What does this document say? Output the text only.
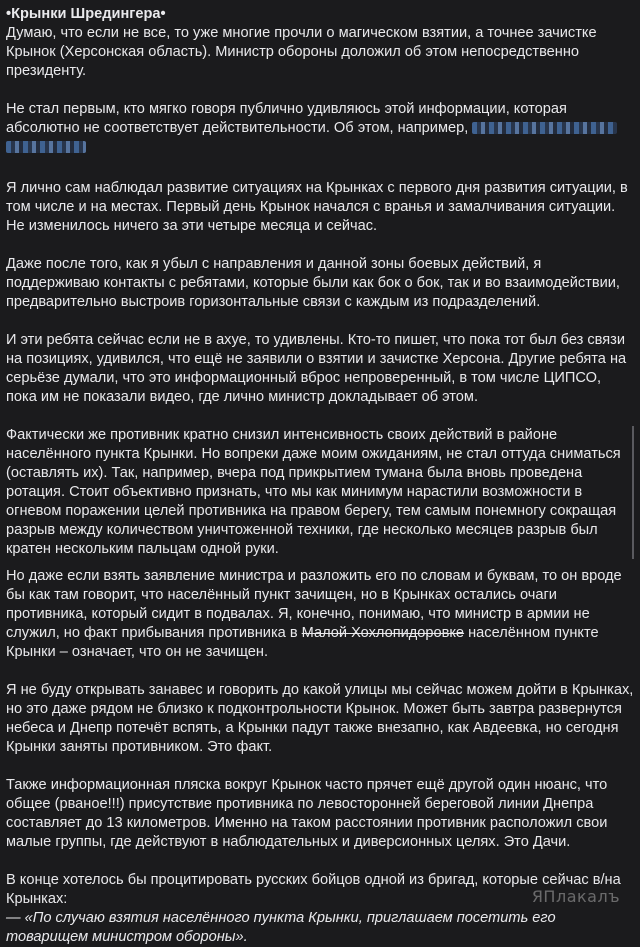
•Крынки Шредингера•

Думаю, что если не все, то уже многие прочли о магическом взятии, а точнее зачистке Крынок (Херсонская область). Министр обороны доложил об этом непосредственно президенту.

Не стал первым, кто мягко говоря публично удивляюсь этой информации, которая абсолютно не соответствует действительности. Об этом, например,

Я лично сам наблюдал развитие ситуациях на Крынках с первого дня развития ситуации, в том числе и на местах. Первый день Крынок начался с вранья и замалчивания ситуации. Не изменилось ничего за эти четыре месяца и сейчас.

Даже после того, как я убыл с направления и данной зоны боевых действий, я поддерживаю контакты с ребятами, которые были как бок о бок, так и во взаимодействии, предварительно выстроив горизонтальные связи с каждым из подразделений.

И эти ребята сейчас если не в ахуе, то удивлены. Кто-то пишет, что пока тот был без связи на позициях, удивился, что ещё не заявили о взятии и зачистке Херсона. Другие ребята на серьёзе думали, что это информационный вброс непроверенный, в том числе ЦИПСО, пока им не показали видео, где лично министр докладывает об этом.

Фактически же противник кратно снизил интенсивность своих действий в районе населённого пункта Крынки. Но вопреки даже моим ожиданиям, не стал оттуда сниматься (оставлять их). Так, например, вчера под прикрытием тумана была вновь проведена ротация. Стоит объективно признать, что мы как минимум нарастили возможности в огневом поражении целей противника на правом берегу, тем самым понемногу сокращая разрыв между количеством уничтоженной техники, где несколько месяцев разрыв был кратен нескольким пальцам одной руки.

Но даже если взять заявление министра и разложить его по словам и буквам, то он вроде бы как там говорит, что населённый пункт зачищен, но в Крынках остались очаги противника, который сидит в подвалах. Я, конечно, понимаю, что министр в армии не служил, но факт прибывания противника в Малой Хохлопидоровке населённом пункте Крынки – означает, что он не зачищен.

Я не буду открывать занавес и говорить до какой улицы мы сейчас можем дойти в Крынках, но это даже рядом не близко к подконтрольности Крынок. Может быть завтра развернутся небеса и Днепр потечёт вспять, а Крынки падут также внезапно, как Авдеевка, но сегодня Крынки заняты противником. Это факт.

Также информационная пляска вокруг Крынок часто прячет ещё другой один нюанс, что общее (рваное!!!) присутствие противника по левосторонней береговой линии Днепра составляет до 13 километров. Именно на таком расстоянии противник расположил свои малые группы, где действуют в наблюдательных и диверсионных целях. Это Дачи.

В конце хотелось бы процитировать русских бойцов одной из бригад, которые сейчас в/на Крынках:
— «По случаю взятия населённого пункта Крынки, приглашаем посетить его товарищем министром обороны».

ЯПлакалъ
